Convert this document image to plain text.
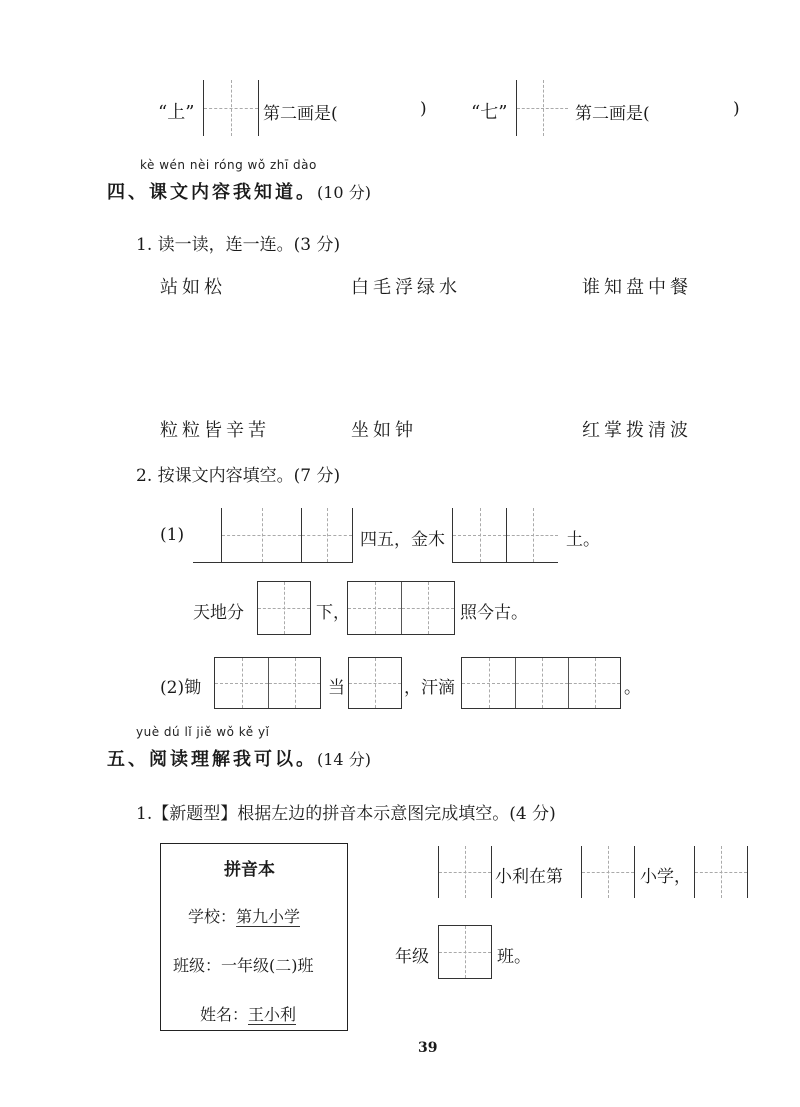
“上”	第二画是(	) “七”	第二画是(	)
kè wén nèi róng wǒ zhī dào
四、课文内容我知道。(10 分)
1. 读一读，连一连。(3 分)
站如松	白毛浮绿水	谁知盘中餐
粒粒皆辛苦	坐如钟	红掌拨清波
2. 按课文内容填空。(7 分)
(1)	四五，金木	土。
天地分	下，	照今古。
(2)锄	当	，汗滴	。
yuè dú lǐ jiě wǒ kě yǐ
五、阅读理解我可以。(14 分)
1.【新题型】根据左边的拼音本示意图完成填空。(4 分)
拼音本
学校：第九小学
班级：一年级(二)班
姓名：王小利
小利在第	小学，
年级	班。
39
